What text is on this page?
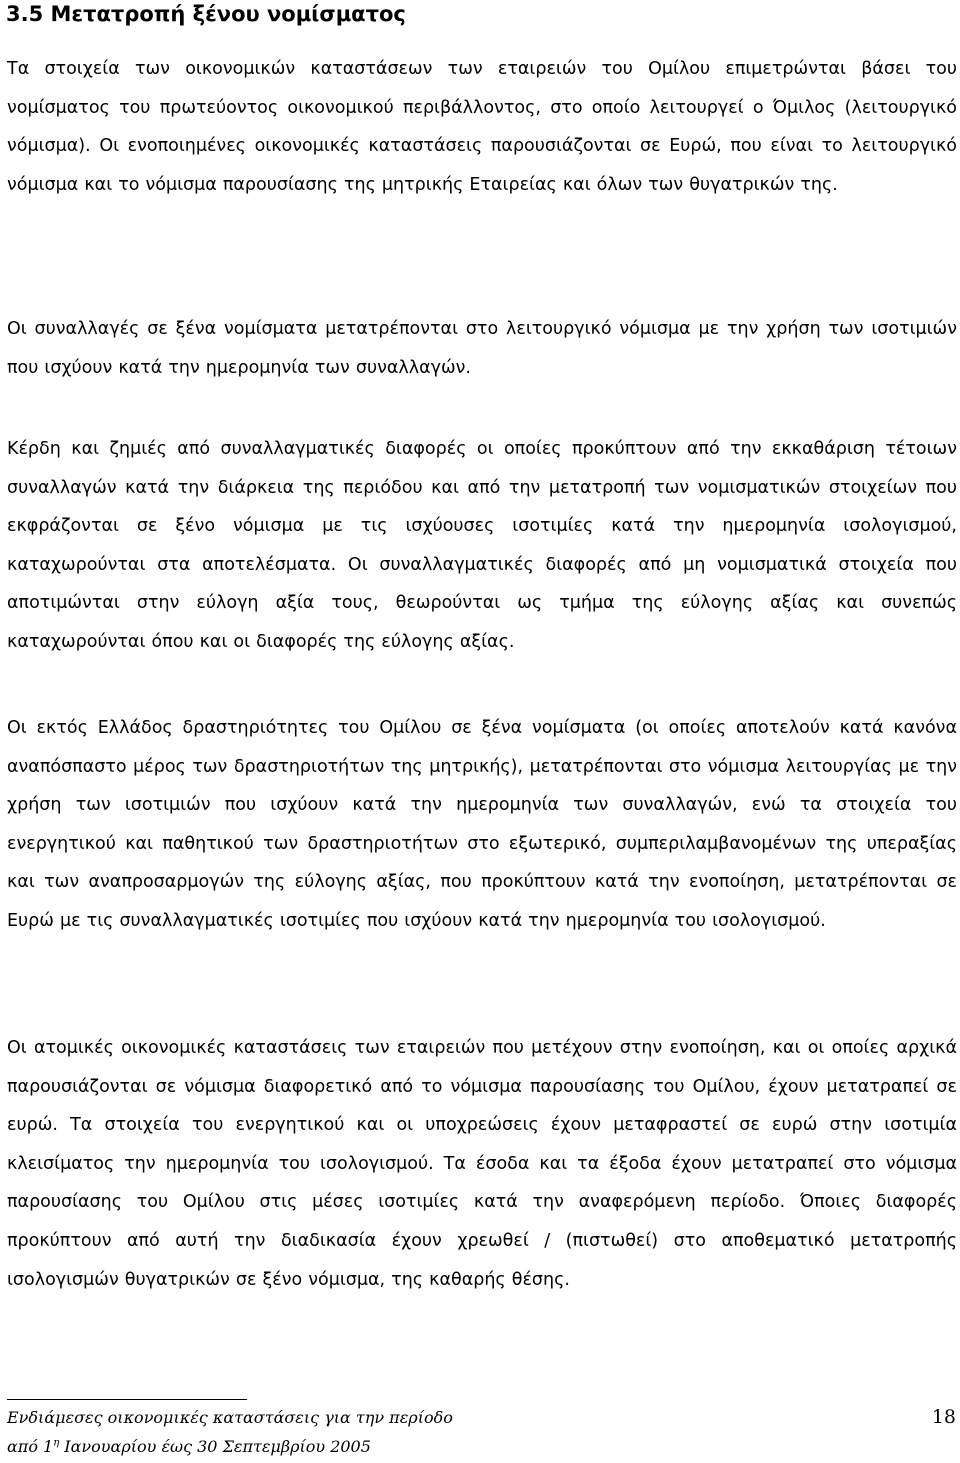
3.5 Μετατροπή ξένου νομίσματος

Τα στοιχεία των οικονομικών καταστάσεων των εταιρειών του Ομίλου επιμετρώνται βάσει του νομίσματος του πρωτεύοντος οικονομικού περιβάλλοντος, στο οποίο λειτουργεί ο Όμιλος (λειτουργικό νόμισμα). Οι ενοποιημένες οικονομικές καταστάσεις παρουσιάζονται σε Ευρώ, που είναι το λειτουργικό νόμισμα και το νόμισμα παρουσίασης της μητρικής Εταιρείας και όλων των θυγατρικών της.

Οι συναλλαγές σε ξένα νομίσματα μετατρέπονται στο λειτουργικό νόμισμα με την χρήση των ισοτιμιών που ισχύουν κατά την ημερομηνία των συναλλαγών.

Κέρδη και ζημιές από συναλλαγματικές διαφορές οι οποίες προκύπτουν από την εκκαθάριση τέτοιων συναλλαγών κατά την διάρκεια της περιόδου και από την μετατροπή των νομισματικών στοιχείων που εκφράζονται σε ξένο νόμισμα με τις ισχύουσες ισοτιμίες κατά την ημερομηνία ισολογισμού, καταχωρούνται στα αποτελέσματα. Οι συναλλαγματικές διαφορές από μη νομισματικά στοιχεία που αποτιμώνται στην εύλογη αξία τους, θεωρούνται ως τμήμα της εύλογης αξίας και συνεπώς καταχωρούνται όπου και οι διαφορές της εύλογης αξίας.

Οι εκτός Ελλάδος δραστηριότητες του Ομίλου σε ξένα νομίσματα (οι οποίες αποτελούν κατά κανόνα αναπόσπαστο μέρος των δραστηριοτήτων της μητρικής), μετατρέπονται στο νόμισμα λειτουργίας με την χρήση των ισοτιμιών που ισχύουν κατά την ημερομηνία των συναλλαγών, ενώ τα στοιχεία του ενεργητικού και παθητικού των δραστηριοτήτων στο εξωτερικό, συμπεριλαμβανομένων της υπεραξίας και των αναπροσαρμογών της εύλογης αξίας, που προκύπτουν κατά την ενοποίηση, μετατρέπονται σε Ευρώ με τις συναλλαγματικές ισοτιμίες που ισχύουν κατά την ημερομηνία του ισολογισμού.

Οι ατομικές οικονομικές καταστάσεις των εταιρειών που μετέχουν στην ενοποίηση, και οι οποίες αρχικά παρουσιάζονται σε νόμισμα διαφορετικό από το νόμισμα παρουσίασης του Ομίλου, έχουν μετατραπεί σε ευρώ. Τα στοιχεία του ενεργητικού και οι υποχρεώσεις έχουν μεταφραστεί σε ευρώ στην ισοτιμία κλεισίματος την ημερομηνία του ισολογισμού. Τα έσοδα και τα έξοδα έχουν μετατραπεί στο νόμισμα παρουσίασης του Ομίλου στις μέσες ισοτιμίες κατά την αναφερόμενη περίοδο. Όποιες διαφορές προκύπτουν από αυτή την διαδικασία έχουν χρεωθεί / (πιστωθεί) στο αποθεματικό μετατροπής ισολογισμών θυγατρικών σε ξένο νόμισμα, της καθαρής θέσης.

Ενδιάμεσες οικονομικές καταστάσεις για την περίοδο

από $1^\eta$ Ιανουαρίου έως 30 Σεπτεμβρίου 2005

18
